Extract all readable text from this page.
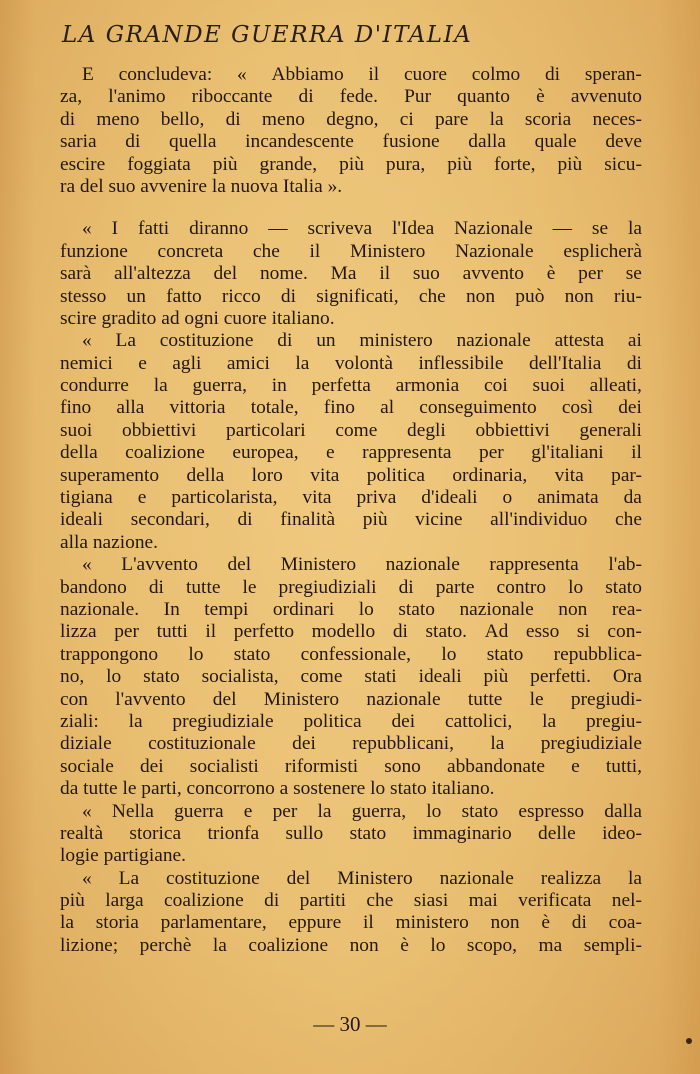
LA GRANDE GUERRA D'ITALIA
E concludeva: « Abbiamo il cuore colmo di speran-
za, l'animo riboccante di fede. Pur quanto è avvenuto
di meno bello, di meno degno, ci pare la scoria neces-
saria di quella incandescente fusione dalla quale deve
escire foggiata più grande, più pura, più forte, più sicu-
ra del suo avvenire la nuova Italia ».
« I fatti diranno — scriveva l'Idea Nazionale — se la
funzione concreta che il Ministero Nazionale esplicherà
sarà all'altezza del nome. Ma il suo avvento è per se
stesso un fatto ricco di significati, che non può non riu-
scire gradito ad ogni cuore italiano.
« La costituzione di un ministero nazionale attesta ai
nemici e agli amici la volontà inflessibile dell'Italia di
condurre la guerra, in perfetta armonia coi suoi alleati,
fino alla vittoria totale, fino al conseguimento così dei
suoi obbiettivi particolari come degli obbiettivi generali
della coalizione europea, e rappresenta per gl'italiani il
superamento della loro vita politica ordinaria, vita par-
tigiana e particolarista, vita priva d'ideali o animata da
ideali secondari, di finalità più vicine all'individuo che
alla nazione.
« L'avvento del Ministero nazionale rappresenta l'ab-
bandono di tutte le pregiudiziali di parte contro lo stato
nazionale. In tempi ordinari lo stato nazionale non rea-
lizza per tutti il perfetto modello di stato. Ad esso si con-
trappongono lo stato confessionale, lo stato repubblica-
no, lo stato socialista, come stati ideali più perfetti. Ora
con l'avvento del Ministero nazionale tutte le pregiudi-
ziali: la pregiudiziale politica dei cattolici, la pregiu-
diziale costituzionale dei repubblicani, la pregiudiziale
sociale dei socialisti riformisti sono abbandonate e tutti,
da tutte le parti, concorrono a sostenere lo stato italiano.
« Nella guerra e per la guerra, lo stato espresso dalla
realtà storica trionfa sullo stato immaginario delle ideo-
logie partigiane.
« La costituzione del Ministero nazionale realizza la
più larga coalizione di partiti che siasi mai verificata nel-
la storia parlamentare, eppure il ministero non è di coa-
lizione; perchè la coalizione non è lo scopo, ma sempli-
— 30 —
